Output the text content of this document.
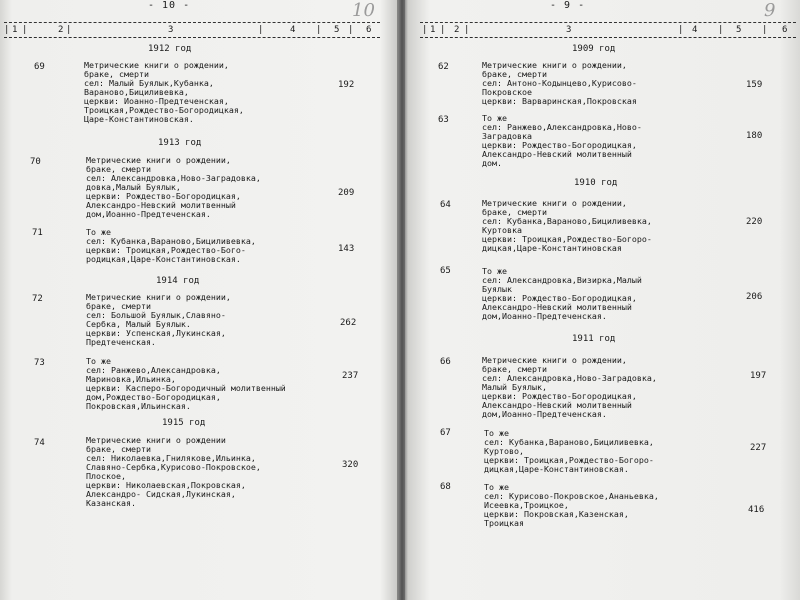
- 10 -	10
| 1 |	2 |	3	|	4 | 5 | 6
1912 год
69	Метрические книги о рождении,
браке, смерти
сел: Малый Буялык,Кубанка,
Вараново,Бициливевка,
церкви: Иоанно-Предтеченская,
Троицкая,Рождество-Богородицкая,
Царе-Константиновская.
192
1913 год
70	Метрические книги о рождении,
браке, смерти
сел: Александровка,Ново-Заградовка,
довка,Малый Буялык,
церкви: Рождество-Богородицкая,
Александро-Невский молитвенный
дом,Иоанно-Предтеченская.
209
71	То же
сел: Кубанка,Вараново,Бициливевка,
церкви: Троицкая,Рождество-Бого-
родицкая,Царе-Константиновская.
143
1914 год
72	Метрические книги о рождении,
браке, смерти
сел: Большой Буялык,Славяно-
Сербка, Малый Буялык.
церкви: Успенская,Лукинская,
Предтеченская.
262
73	То же
сел: Ранжево,Александровка,
Мариновка,Ильинка,
церкви: Касперо-Богородичный молитвенный
дом,Рождество-Богородицкая,
Покровская,Ильинская.
237
1915 год
74	Метрические книги о рождении
браке, смерти
сел: Николаевка,Гнилякове,Ильинка,
Славяно-Сербка,Курисово-Покровское,
Плоское,
церкви: Николаевская,Покровская,
Александро- Сидская,Лукинская,
Казанская.
320
- 9 -	9
| 1 | 2 |	3	| 4 | 5 | 6
1909 год
62	Метрические книги о рождении,
браке, смерти
сел: Антоно-Кодынцево,Курисово-
Покровское
церкви: Варваринская,Покровская
159
63	То же
сел: Ранжево,Александровка,Ново-
Заградовка
церкви: Рождество-Богородицкая,
Александро-Невский молитвенный
дом.
180
1910 год
64	Метрические книги о рождении,
браке, смерти
сел: Кубанка,Вараново,Бициливевка,
Куртовка
церкви: Троицкая,Рождество-Богоро-
дицкая,Царе-Константиновская
220
65	То же
сел: Александровка,Визирка,Малый
Буялык
церкви: Рождество-Богородицкая,
Александро-Невский молитвенный
дом,Иоанно-Предтеченская.
206
1911 год
66	Метрические книги о рождении,
браке, смерти
сел: Александровка,Ново-Заградовка,
Малый Буялык,
церкви: Рождество-Богородицкая,
Александро-Невский молитвенный
дом,Иоанно-Предтеченская.
197
67	То же
сел: Кубанка,Вараново,Бициливевка,
Куртово,
церкви: Троицкая,Рождество-Богоро-
дицкая,Царе-Константиновская.
227
68	То же
сел: Курисово-Покровское,Ананьевка,
Исеевка,Троицкое,
церкви: Покровская,Казенская,
Троицкая
416
